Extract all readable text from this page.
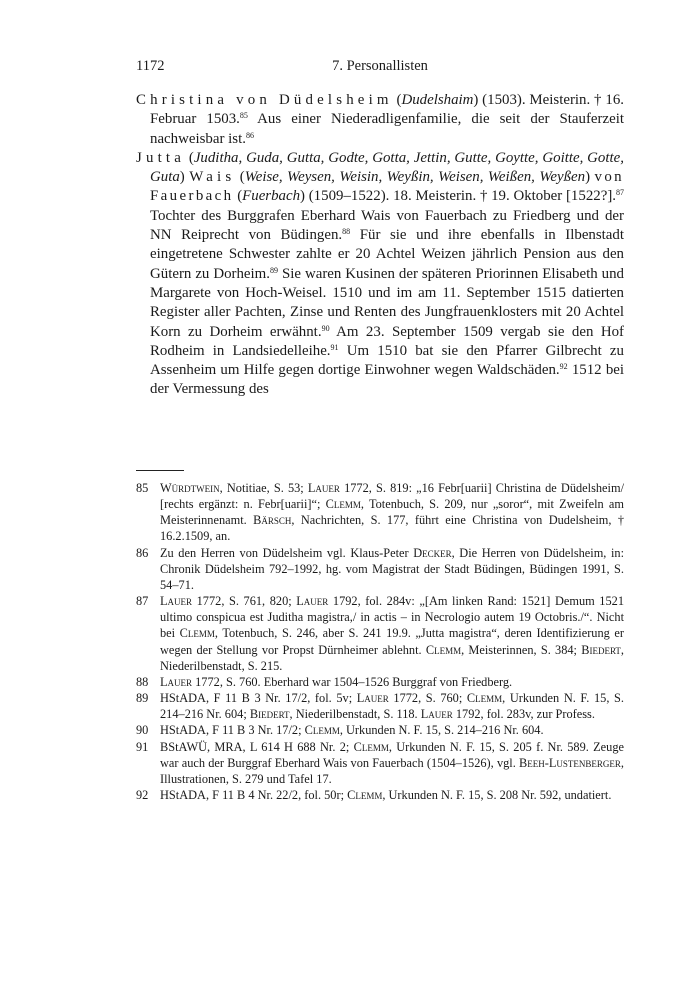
1172	7. Personallisten

Christina von Düdelsheim (Dudelshaim) (1503). Meisterin. † 16. Februar 1503.85 Aus einer Niederadligenfamilie, die seit der Stauferzeit nachweisbar ist.$^{86}$

Jutta (Juditha, Guda, Gutta, Godte, Gotta, Jettin, Gutte, Goytte, Goitte, Gotte, Guta) Wais (Weise, Weysen, Weisin, Weyßin, Weisen, Weißen, Weyßen) von Fauerbach (Fuerbach) (1509–1522). 18. Meisterin. † 19. Oktober [1522?].$^{87}$ Tochter des Burggrafen Eberhard Wais von Fauerbach zu Friedberg und der NN Reiprecht von Büdingen.$^{88}$ Für sie und ihre ebenfalls in Ilbenstadt eingetretene Schwester zahlte er 20 Achtel Weizen jährlich Pension aus den Gütern zu Dorheim.$^{89}$ Sie waren Kusinen der späteren Priorinnen Elisabeth und Margarete von Hoch-Weisel. 1510 und im am 11. September 1515 datierten Register aller Pachten, Zinse und Renten des Jungfrauenklosters mit 20 Achtel Korn zu Dorheim erwähnt.$^{90}$ Am 23. September 1509 vergab sie den Hof Rodheim in Landsiedelleihe.$^{91}$ Um 1510 bat sie den Pfarrer Gilbrecht zu Assenheim um Hilfe gegen dortige Einwohner wegen Waldschäden.$^{92}$ 1512 bei der Vermessung des

85 Würdtwein, Notitiae, S. 53; Lauer 1772, S. 819: „16 Febr[uarii] Christina de Düdelsheim/ [rechts ergänzt: n. Febr[uarii]“; Clemm, Totenbuch, S. 209, nur „soror“, mit Zweifeln am Meisterinnenamt. Bärsch, Nachrichten, S. 177, führt eine Christina von Dudelsheim, † 16.2.1509, an.
86 Zu den Herren von Düdelsheim vgl. Klaus-Peter Decker, Die Herren von Düdelsheim, in: Chronik Düdelsheim 792–1992, hg. vom Magistrat der Stadt Büdingen, Büdingen 1991, S. 54–71.
87 Lauer 1772, S. 761, 820; Lauer 1792, fol. 284v: „[Am linken Rand: 1521] Demum 1521 ultimo conspicua est Juditha magistra,/ in actis – in Necrologio autem 19 Octobris./“. Nicht bei Clemm, Totenbuch, S. 246, aber S. 241 19.9. „Jutta magistra“, deren Identifizierung er wegen der Stellung vor Propst Dürnheimer ablehnt. Clemm, Meisterinnen, S. 384; Biedert, Niederilbenstadt, S. 215.
88 Lauer 1772, S. 760. Eberhard war 1504–1526 Burggraf von Friedberg.
89 HStADA, F 11 B 3 Nr. 17/2, fol. 5v; Lauer 1772, S. 760; Clemm, Urkunden N. F. 15, S. 214–216 Nr. 604; Biedert, Niederilbenstadt, S. 118. Lauer 1792, fol. 283v, zur Profess.
90 HStADA, F 11 B 3 Nr. 17/2; Clemm, Urkunden N. F. 15, S. 214–216 Nr. 604.
91 BStAWÜ, MRA, L 614 H 688 Nr. 2; Clemm, Urkunden N. F. 15, S. 205 f. Nr. 589. Zeuge war auch der Burggraf Eberhard Wais von Fauerbach (1504–1526), vgl. Beeh-Lustenberger, Illustrationen, S. 279 und Tafel 17.
92 HStADA, F 11 B 4 Nr. 22/2, fol. 50r; Clemm, Urkunden N. F. 15, S. 208 Nr. 592, undatiert.
